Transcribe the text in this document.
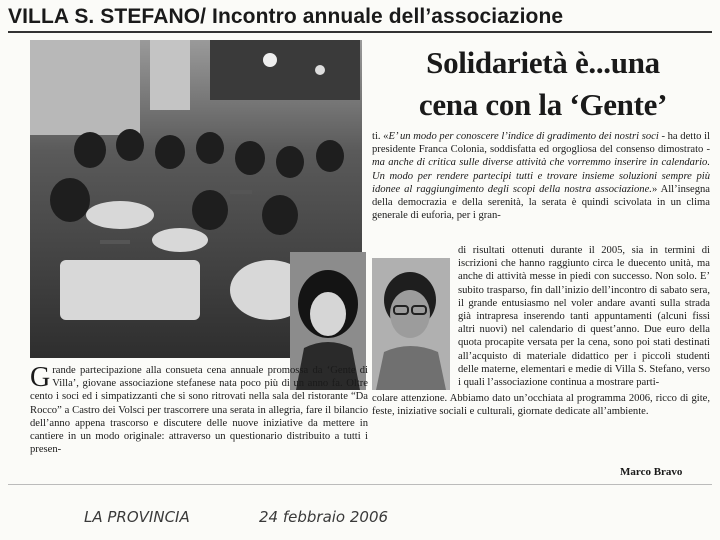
VILLA S. STEFANO/ Incontro annuale dell’associazione
Solidarietà è...una
cena con la ‘Gente’
ti. «E’ un modo per conoscere l’indice di gradimento dei nostri soci - ha detto il presidente Franca Colonia, soddisfatta ed orgogliosa del consenso dimostrato - ma anche di critica sulle diverse attività che vorremmo inserire in calendario. Un modo per rendere partecipi tutti e trovare insieme soluzioni sempre più idonee al raggiungimento degli scopi della nostra associazione.» All’insegna della democrazia e della serenità, la serata è quindi scivolata in un clima generale di euforia, per i gran-
di risultati ottenuti durante il 2005, sia in termini di iscrizioni che hanno raggiunto circa le duecento unità, ma anche di attività messe in piedi con successo. Non solo. E’ subito trasparso, fin dall’inizio dell’incontro di sabato sera, il grande entusiasmo nel voler andare avanti sulla strada già intrapresa inserendo tanti appuntamenti (alcuni fissi altri nuovi) nel calendario di quest’anno. Due euro della quota procapite versata per la cena, sono poi stati destinati all’acquisto di materiale didattico per i piccoli studenti delle materne, elementari e medie di Villa S. Stefano, verso i quali l’associazione continua a mostrare parti-
Grande partecipazione alla consueta cena annuale promossa da ‘Gente di Villa’, giovane associazione stefanese nata poco più di un anno fa. Oltre cento i soci ed i simpatizzanti che si sono ritrovati nella sala del ristorante “Da Rocco” a Castro dei Volsci per trascorrere una serata in allegria, fare il bilancio dell’anno appena trascorso e discutere delle nuove iniziative da mettere in cantiere in un modo originale: attraverso un questionario distribuito a tutti i presen-
colare attenzione. Abbiamo dato un’occhiata al programma 2006, ricco di gite, feste, iniziative sociali e culturali, giornate dedicate all’ambiente.
Marco Bravo
LA PROVINCIA	24 febbraio 2006
